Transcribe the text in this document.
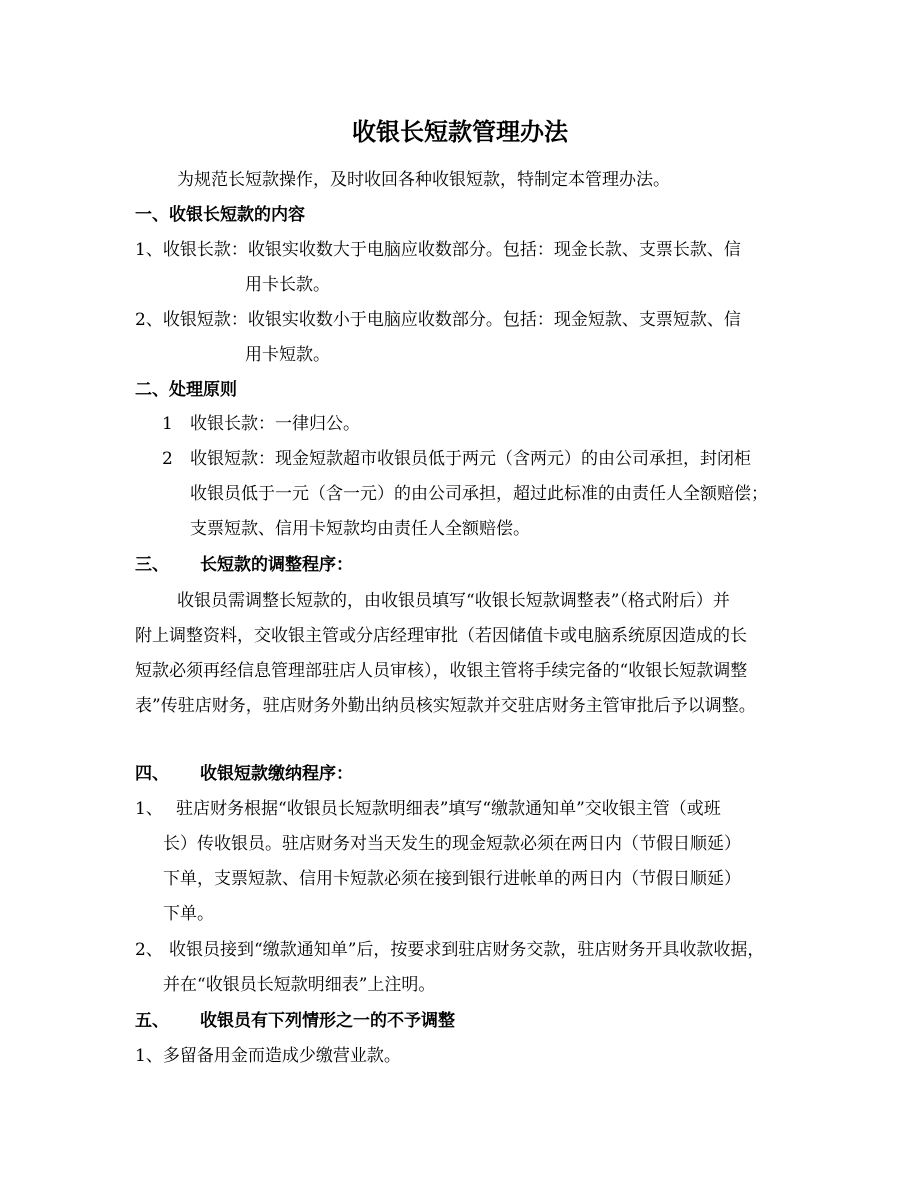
收银长短款管理办法
为规范长短款操作，及时收回各种收银短款，特制定本管理办法。
一、收银长短款的内容
1、收银长款：收银实收数大于电脑应收数部分。包括：现金长款、支票长款、信
用卡长款。
2、收银短款：收银实收数小于电脑应收数部分。包括：现金短款、支票短款、信
用卡短款。
二、处理原则
1 收银长款：一律归公。
2 收银短款：现金短款超市收银员低于两元（含两元）的由公司承担，封闭柜
收银员低于一元（含一元）的由公司承担，超过此标准的由责任人全额赔偿；
支票短款、信用卡短款均由责任人全额赔偿。
三、 长短款的调整程序：
收银员需调整长短款的，由收银员填写“收银长短款调整表”（格式附后）并
附上调整资料，交收银主管或分店经理审批（若因储值卡或电脑系统原因造成的长
短款必须再经信息管理部驻店人员审核），收银主管将手续完备的“收银长短款调整
表”传驻店财务，驻店财务外勤出纳员核实短款并交驻店财务主管审批后予以调整。
四、 收银短款缴纳程序：
1、 驻店财务根据“收银员长短款明细表”填写“缴款通知单”交收银主管（或班
长）传收银员。驻店财务对当天发生的现金短款必须在两日内（节假日顺延）
下单，支票短款、信用卡短款必须在接到银行进帐单的两日内（节假日顺延）
下单。
2、 收银员接到“缴款通知单”后，按要求到驻店财务交款，驻店财务开具收款收据，
并在“收银员长短款明细表”上注明。
五、 收银员有下列情形之一的不予调整
1、多留备用金而造成少缴营业款。
